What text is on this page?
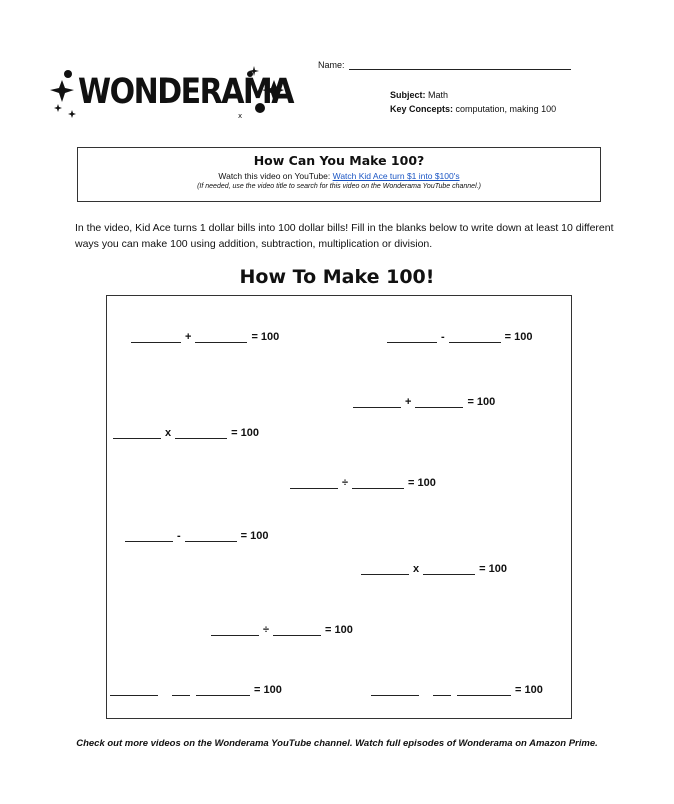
x
WONDERAMA
Name:
Subject: Math
Key Concepts: computation, making 100
How Can You Make 100?
Watch this video on YouTube: Watch Kid Ace turn $1 into $100's
(If needed, use the video title to search for this video on the Wonderama YouTube channel.)
In the video, Kid Ace turns 1 dollar bills into 100 dollar bills! Fill in the blanks below to write down at least 10 different ways you can make 100 using addition, subtraction, multiplication or division.
How To Make 100!
+	= 100	-	= 100
+	= 100
x	= 100
÷	= 100
-	= 100
x	= 100
÷	= 100
= 100	= 100
Check out more videos on the Wonderama YouTube channel. Watch full episodes of Wonderama on Amazon Prime.
